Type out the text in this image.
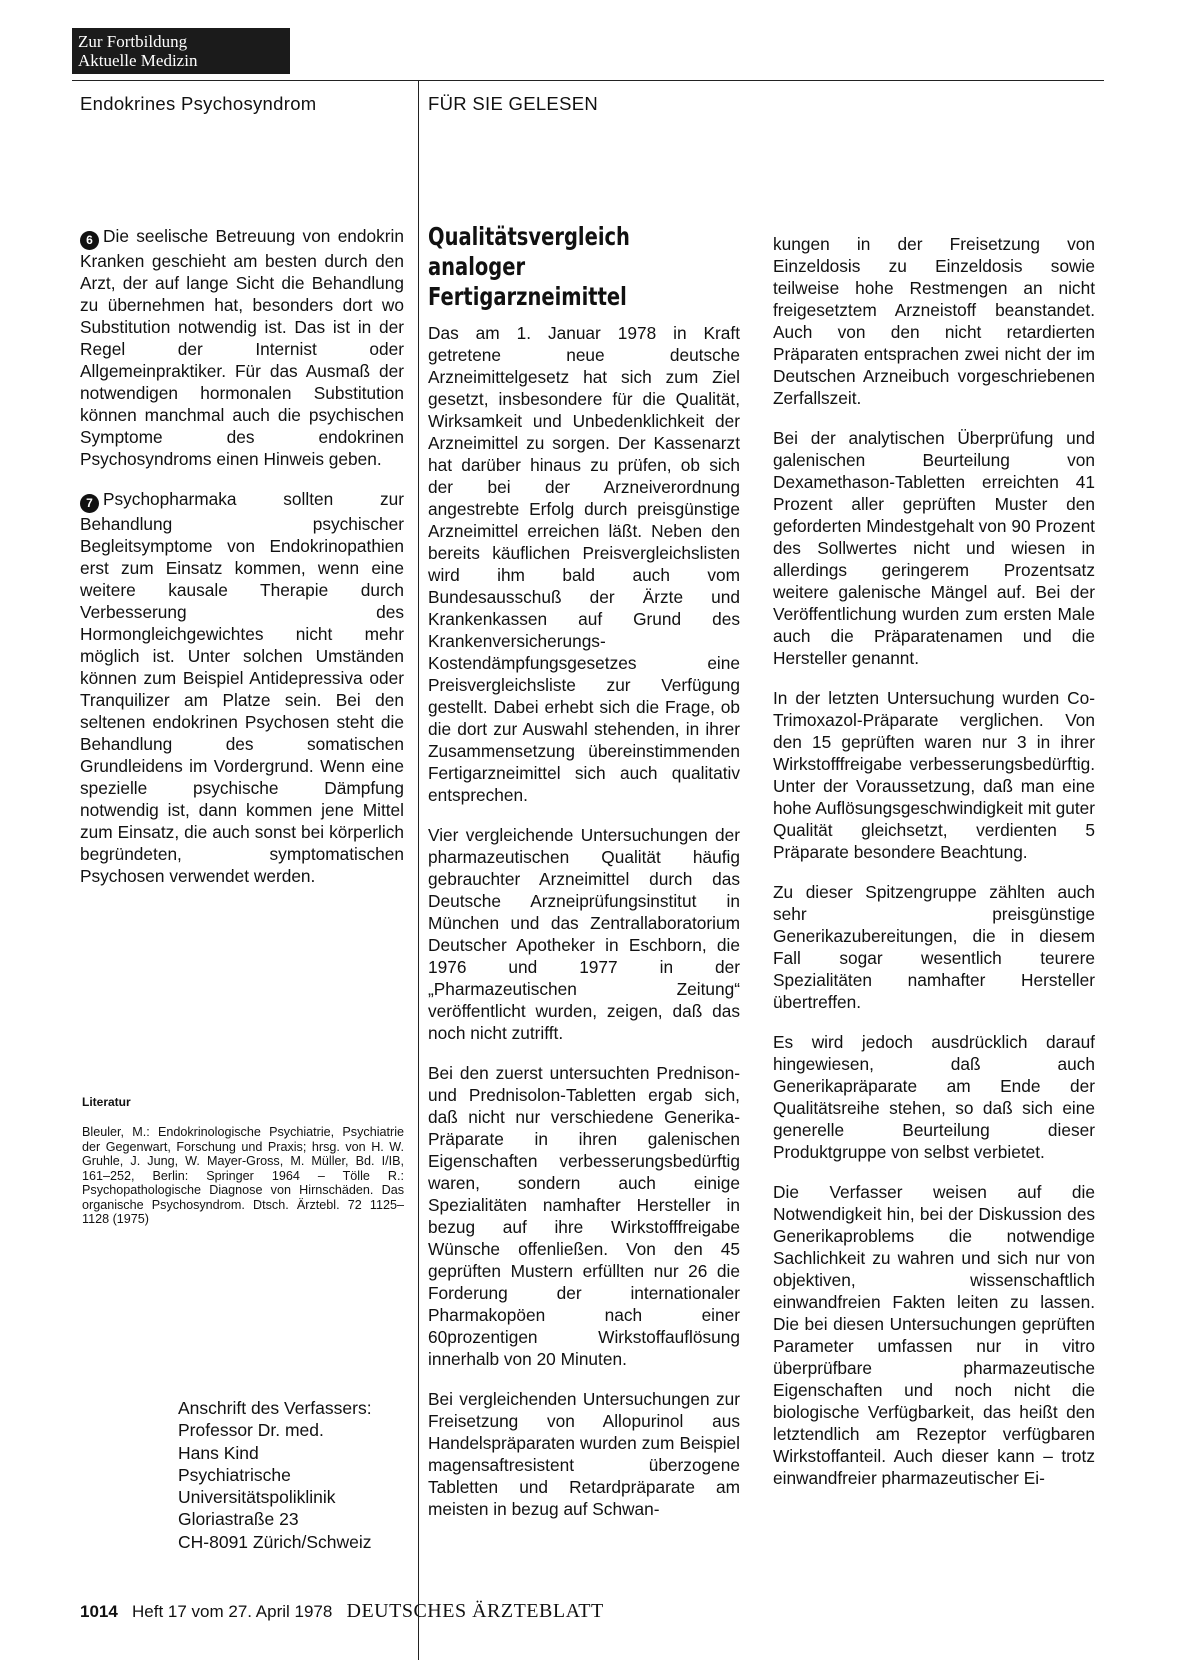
Zur Fortbildung
Aktuelle Medizin
Endokrines Psychosyndrom	FÜR SIE GELESEN

6 Die seelische Betreuung von endokrin Kranken geschieht am besten durch den Arzt, der auf lange Sicht die Behandlung zu übernehmen hat, besonders dort wo Substitution notwendig ist. Das ist in der Regel der Internist oder Allgemeinpraktiker. Für das Ausmaß der notwendigen hormonalen Substitution können manchmal auch die psychischen Symptome des endokrinen Psychosyndroms einen Hinweis geben.

7 Psychopharmaka sollten zur Behandlung psychischer Begleitsymptome von Endokrinopathien erst zum Einsatz kommen, wenn eine weitere kausale Therapie durch Verbesserung des Hormongleichgewichtes nicht mehr möglich ist. Unter solchen Umständen können zum Beispiel Antidepressiva oder Tranquilizer am Platze sein. Bei den seltenen endokrinen Psychosen steht die Behandlung des somatischen Grundleidens im Vordergrund. Wenn eine spezielle psychische Dämpfung notwendig ist, dann kommen jene Mittel zum Einsatz, die auch sonst bei körperlich begründeten, symptomatischen Psychosen verwendet werden.

Literatur
Bleuler, M.: Endokrinologische Psychiatrie, Psychiatrie der Gegenwart, Forschung und Praxis; hrsg. von H. W. Gruhle, J. Jung, W. Mayer-Gross, M. Müller, Bd. I/IB, 161–252, Berlin: Springer 1964 – Tölle R.: Psychopathologische Diagnose von Hirnschäden. Das organische Psychosyndrom. Dtsch. Ärztebl. 72 1125–1128 (1975)
Anschrift des Verfassers:
Professor Dr. med.
Hans Kind
Psychiatrische
Universitätspoliklinik
Gloriastraße 23
CH-8091 Zürich/Schweiz
Qualitätsvergleich analoger Fertigarzneimittel

Das am 1. Januar 1978 in Kraft getretene neue deutsche Arzneimittelgesetz hat sich zum Ziel gesetzt, insbesondere für die Qualität, Wirksamkeit und Unbedenklichkeit der Arzneimittel zu sorgen. Der Kassenarzt hat darüber hinaus zu prüfen, ob sich der bei der Arzneiverordnung angestrebte Erfolg durch preisgünstige Arzneimittel erreichen läßt. Neben den bereits käuflichen Preisvergleichslisten wird ihm bald auch vom Bundesausschuß der Ärzte und Krankenkassen auf Grund des Krankenversicherungs-Kostendämpfungsgesetzes eine Preisvergleichsliste zur Verfügung gestellt. Dabei erhebt sich die Frage, ob die dort zur Auswahl stehenden, in ihrer Zusammensetzung übereinstimmenden Fertigarzneimittel sich auch qualitativ entsprechen.

Vier vergleichende Untersuchungen der pharmazeutischen Qualität häufig gebrauchter Arzneimittel durch das Deutsche Arzneiprüfungsinstitut in München und das Zentrallaboratorium Deutscher Apotheker in Eschborn, die 1976 und 1977 in der „Pharmazeutischen Zeitung“ veröffentlicht wurden, zeigen, daß das noch nicht zutrifft.

Bei den zuerst untersuchten Prednison- und Prednisolon-Tabletten ergab sich, daß nicht nur verschiedene Generika-Präparate in ihren galenischen Eigenschaften verbesserungsbedürftig waren, sondern auch einige Spezialitäten namhafter Hersteller in bezug auf ihre Wirkstofffreigabe Wünsche offenließen. Von den 45 geprüften Mustern erfüllten nur 26 die Forderung der internationaler Pharmakopöen nach einer 60prozentigen Wirkstoffauflösung innerhalb von 20 Minuten.

Bei vergleichenden Untersuchungen zur Freisetzung von Allopurinol aus Handelspräparaten wurden zum Beispiel magensaftresistent überzogene Tabletten und Retardpräparate am meisten in bezug auf Schwan-

kungen in der Freisetzung von Einzeldosis zu Einzeldosis sowie teilweise hohe Restmengen an nicht freigesetztem Arzneistoff beanstandet. Auch von den nicht retardierten Präparaten entsprachen zwei nicht der im Deutschen Arzneibuch vorgeschriebenen Zerfallszeit.

Bei der analytischen Überprüfung und galenischen Beurteilung von Dexamethason-Tabletten erreichten 41 Prozent aller geprüften Muster den geforderten Mindestgehalt von 90 Prozent des Sollwertes nicht und wiesen in allerdings geringerem Prozentsatz weitere galenische Mängel auf. Bei der Veröffentlichung wurden zum ersten Male auch die Präparatenamen und die Hersteller genannt.

In der letzten Untersuchung wurden Co-Trimoxazol-Präparate verglichen. Von den 15 geprüften waren nur 3 in ihrer Wirkstofffreigabe verbesserungsbedürftig. Unter der Voraussetzung, daß man eine hohe Auflösungsgeschwindigkeit mit guter Qualität gleichsetzt, verdienten 5 Präparate besondere Beachtung.

Zu dieser Spitzengruppe zählten auch sehr preisgünstige Generikazubereitungen, die in diesem Fall sogar wesentlich teurere Spezialitäten namhafter Hersteller übertreffen.

Es wird jedoch ausdrücklich darauf hingewiesen, daß auch Generikapräparate am Ende der Qualitätsreihe stehen, so daß sich eine generelle Beurteilung dieser Produktgruppe von selbst verbietet.

Die Verfasser weisen auf die Notwendigkeit hin, bei der Diskussion des Generikaproblems die notwendige Sachlichkeit zu wahren und sich nur von objektiven, wissenschaftlich einwandfreien Fakten leiten zu lassen. Die bei diesen Untersuchungen geprüften Parameter umfassen nur in vitro überprüfbare pharmazeutische Eigenschaften und noch nicht die biologische Verfügbarkeit, das heißt den letztendlich am Rezeptor verfügbaren Wirkstoffanteil. Auch dieser kann – trotz einwandfreier pharmazeutischer Ei-

1014 Heft 17 vom 27. April 1978 DEUTSCHES ÄRZTEBLATT
